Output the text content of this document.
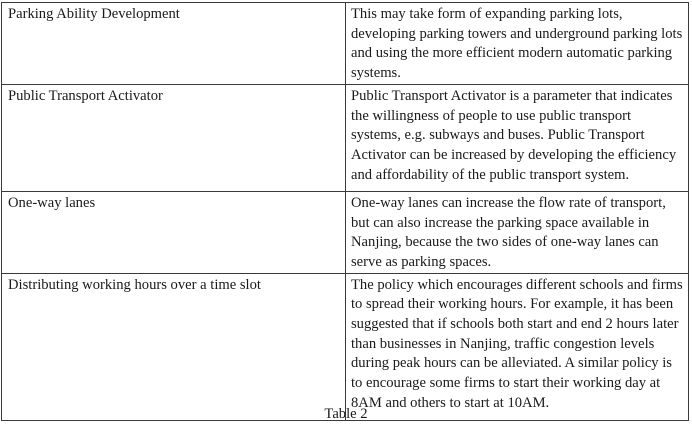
Parking Ability Development	This may take form of expanding parking lots, developing parking towers and underground parking lots and using the more efficient modern automatic parking systems.
Public Transport Activator	Public Transport Activator is a parameter that indicates the willingness of people to use public transport systems, e.g. subways and buses. Public Transport Activator can be increased by developing the efficiency and affordability of the public transport system.
One-way lanes	One-way lanes can increase the flow rate of transport, but can also increase the parking space available in Nanjing, because the two sides of one-way lanes can serve as parking spaces.
Distributing working hours over a time slot	The policy which encourages different schools and firms to spread their working hours. For example, it has been suggested that if schools both start and end 2 hours later than businesses in Nanjing, traffic congestion levels during peak hours can be alleviated. A similar policy is to encourage some firms to start their working day at 8AM and others to start at 10AM.
Table 2
